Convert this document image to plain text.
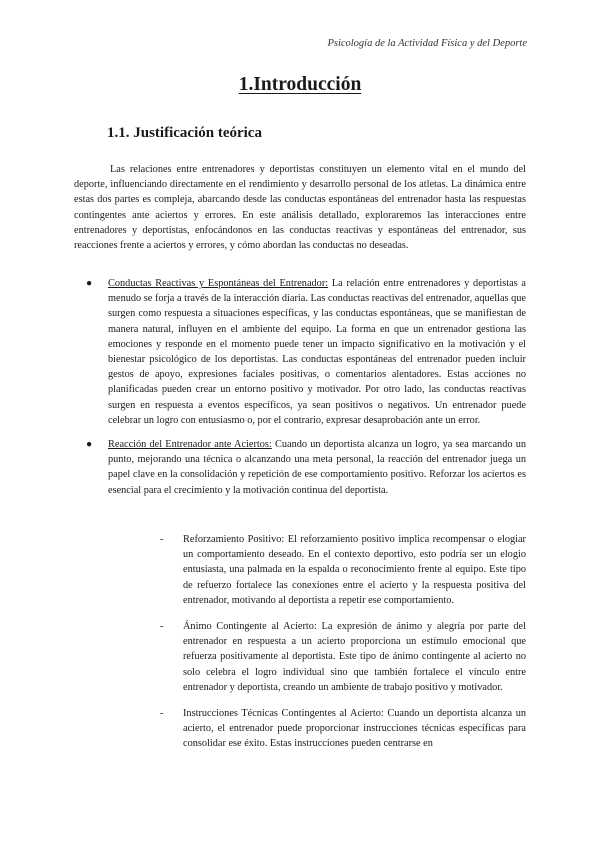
Psicología de la Actividad Física y del Deporte
1.Introducción
1.1. Justificación teórica

Las relaciones entre entrenadores y deportistas constituyen un elemento vital en el mundo del deporte, influenciando directamente en el rendimiento y desarrollo personal de los atletas. La dinámica entre estas dos partes es compleja, abarcando desde las conductas espontáneas del entrenador hasta las respuestas contingentes ante aciertos y errores. En este análisis detallado, exploraremos las interacciones entre entrenadores y deportistas, enfocándonos en las conductas reactivas y espontáneas del entrenador, sus reacciones frente a aciertos y errores, y cómo abordan las conductas no deseadas.

● Conductas Reactivas y Espontáneas del Entrenador: La relación entre entrenadores y deportistas a menudo se forja a través de la interacción diaria. Las conductas reactivas del entrenador, aquellas que surgen como respuesta a situaciones específicas, y las conductas espontáneas, que se manifiestan de manera natural, influyen en el ambiente del equipo. La forma en que un entrenador gestiona las emociones y responde en el momento puede tener un impacto significativo en la motivación y el bienestar psicológico de los deportistas. Las conductas espontáneas del entrenador pueden incluir gestos de apoyo, expresiones faciales positivas, o comentarios alentadores. Estas acciones no planificadas pueden crear un entorno positivo y motivador. Por otro lado, las conductas reactivas surgen en respuesta a eventos específicos, ya sean positivos o negativos. Un entrenador puede celebrar un logro con entusiasmo o, por el contrario, expresar desaprobación ante un error.

● Reacción del Entrenador ante Aciertos: Cuando un deportista alcanza un logro, ya sea marcando un punto, mejorando una técnica o alcanzando una meta personal, la reacción del entrenador juega un papel clave en la consolidación y repetición de ese comportamiento positivo. Reforzar los aciertos es esencial para el crecimiento y la motivación continua del deportista.

- Reforzamiento Positivo: El reforzamiento positivo implica recompensar o elogiar un comportamiento deseado. En el contexto deportivo, esto podría ser un elogio entusiasta, una palmada en la espalda o reconocimiento frente al equipo. Este tipo de refuerzo fortalece las conexiones entre el acierto y la respuesta positiva del entrenador, motivando al deportista a repetir ese comportamiento.

- Ánimo Contingente al Acierto: La expresión de ánimo y alegría por parte del entrenador en respuesta a un acierto proporciona un estímulo emocional que refuerza positivamente al deportista. Este tipo de ánimo contingente al acierto no solo celebra el logro individual sino que también fortalece el vínculo entre entrenador y deportista, creando un ambiente de trabajo positivo y motivador.

- Instrucciones Técnicas Contingentes al Acierto: Cuando un deportista alcanza un acierto, el entrenador puede proporcionar instrucciones técnicas específicas para consolidar ese éxito. Estas instrucciones pueden centrarse en
